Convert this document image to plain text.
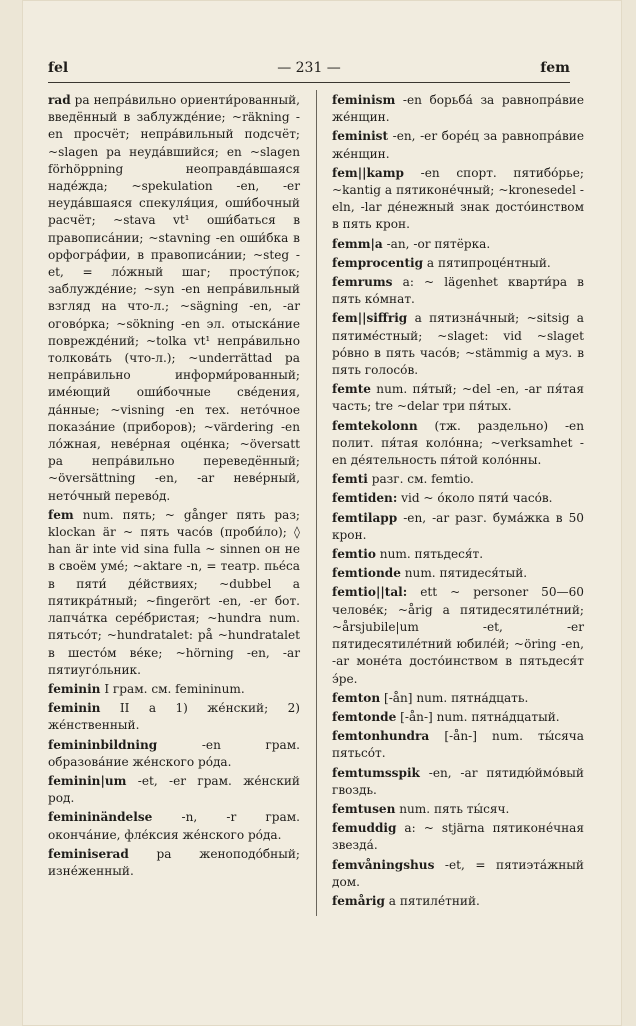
fel	— 231 —	fem
rad pa непра́вильно ориенти́рованный, введённый в заблужде́ние; ~räkning -en просчёт; непра́вильный подсчёт; ~slagen pa неуда́вшийся; en ~slagen förhöppning неоправда́вшаяся наде́жда; ~spekulation -en, -er неуда́вшаяся спекуля́ция, оши́бочный расчёт; ~stava vt¹ оши́баться в правописа́нии; ~stavning -en оши́бка в орфогра́фии, в правописа́нии; ~steg -et, = ло́жный шаг; просту́пок; заблужде́ние; ~syn -en непра́вильный взгляд на что-л.; ~sägning -en, -ar огово́рка; ~sökning -en эл. отыска́ние поврежде́ний; ~tolka vt¹ непра́вильно толкова́ть (что-л.); ~underrättad pa непра́вильно информи́рованный; име́ющий оши́бочные све́дения, да́нные; ~visning -en тех. нето́чное показа́ние (приборов); ~värdering -en ло́жная, неве́рная оце́нка; ~översatt pa непра́вильно переведённый; ~översättning -en, -ar неве́рный, нето́чный перево́д.
fem num. пять; ~ gånger пять раз; klockan är ~ пять часо́в (проби́ло); ◊ han är inte vid sina fulla ~ sinnen он не в своём уме́; ~aktare -n, = театр. пье́са в пяти́ де́йствиях; ~dubbel a пятикра́тный; ~fingerört -en, -er бот. лапча́тка сере́бристая; ~hundra num. пятьсо́т; ~hundratalet: på ~hundratalet в шесто́м ве́ке; ~hörning -en, -ar пятиуго́льник.
feminin I грам. см. femininum.
feminin II a 1) же́нский; 2) же́нственный.
femininbildning -en грам. образова́ние же́нского ро́да.
feminin|um -et, -er грам. же́нский род.
femininändelse -n, -r грам. оконча́ние, фле́ксия же́нского ро́да.
feminiserad pa женоподо́бный; изне́женный.
feminism -en борьба́ за равнопра́вие же́нщин.
feminist -en, -er боре́ц за равнопра́вие же́нщин.
fem||kamp -en спорт. пятибо́рье; ~kantig a пятиконе́чный; ~kronesedel -eln, -lar де́нежный знак досто́инством в пять крон.
femm|a -an, -or пятёрка.
femprocentig a пятипроце́нтный.
femrums a: ~ lägenhet кварти́ра в пять ко́мнат.
fem||siffrig a пятизна́чный; ~sitsig a пятиме́стный; ~slaget: vid ~slaget ро́вно в пять часо́в; ~stämmig a муз. в пять голосо́в.
femte num. пя́тый; ~del -en, -ar пя́тая часть; tre ~delar три пя́тых.
femtekolonn (тж. раздельно) -en полит. пя́тая коло́нна; ~verksamhet -en де́ятельность пя́той коло́нны.
femti разг. см. femtio.
femtiden: vid ~ о́коло пяти́ часо́в.
femtilapp -en, -ar разг. бума́жка в 50 крон.
femtio num. пятьдеся́т.
femtionde num. пятидеся́тый.
femtio||tal: ett ~ personer 50—60 челове́к; ~årig a пятидесятиле́тний; ~årsjubile|um -et, -er пятидесятиле́тний юбиле́й; ~öring -en, -ar моне́та досто́инством в пятьдеся́т э́ре.
femton [-ån] num. пятна́дцать.
femtonde [-ån-] num. пятна́дцатый.
femtonhundra [-ån-] num. ты́сяча пятьсо́т.
femtumsspik -en, -ar пятидю́ймо́вый гвоздь.
femtusen num. пять ты́сяч.
femuddig a: ~ stjärna пятиконе́чная звезда́.
femvåningshus -et, = пятиэта́жный дом.
femårig a пятиле́тний.
